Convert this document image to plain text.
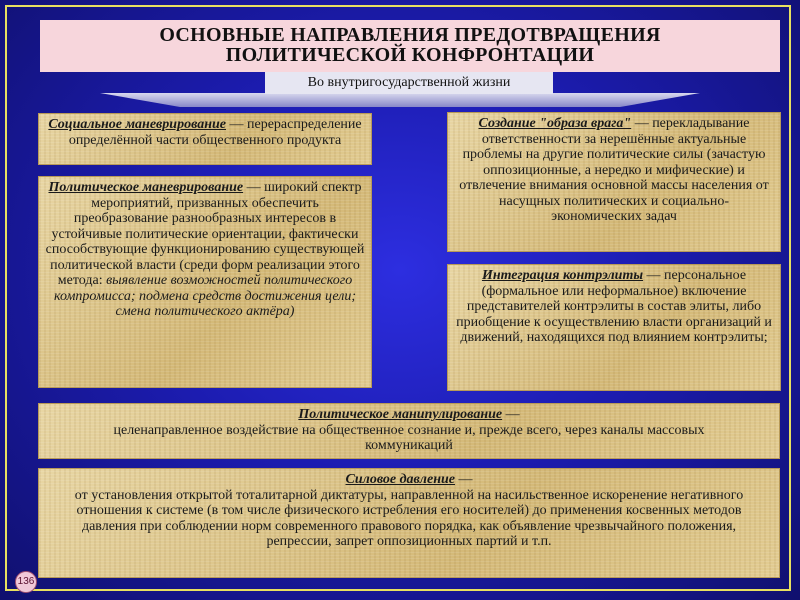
ОСНОВНЫЕ НАПРАВЛЕНИЯ ПРЕДОТВРАЩЕНИЯ
ПОЛИТИЧЕСКОЙ КОНФРОНТАЦИИ
Во внутригосударственной жизни
Социальное маневрирование — перераспределение определённой части общественного продукта
Политическое маневрирование — широкий спектр мероприятий, призванных обеспечить преобразование разнообразных интересов в устойчивые политические ориентации, фактически способствующие функционированию существующей политической власти (среди форм реализации этого метода: выявление возможностей политического компромисса; подмена средств достижения цели; смена политического актёра)
Создание "образа врага" — перекладывание ответственности за нерешённые актуальные проблемы на другие политические силы (зачастую оппозиционные, а нередко и мифические) и отвлечение внимания основной массы населения от насущных политических и социально-экономических задач
Интеграция контрэлиты — персональное (формальное или неформальное) включение представителей контрэлиты в состав элиты, либо приобщение к осуществлению власти организаций и движений, находящихся под влиянием контрэлиты;
Политическое манипулирование —
целенаправленное воздействие на общественное сознание и, прежде всего, через каналы массовых коммуникаций
Силовое давление —
от установления открытой тоталитарной диктатуры, направленной на насильственное искоренение негативного отношения к системе (в том числе физического истребления его носителей) до применения косвенных методов давления при соблюдении норм современного правового порядка, как объявление чрезвычайного положения, репрессии, запрет оппозиционных партий и т.п.
136
